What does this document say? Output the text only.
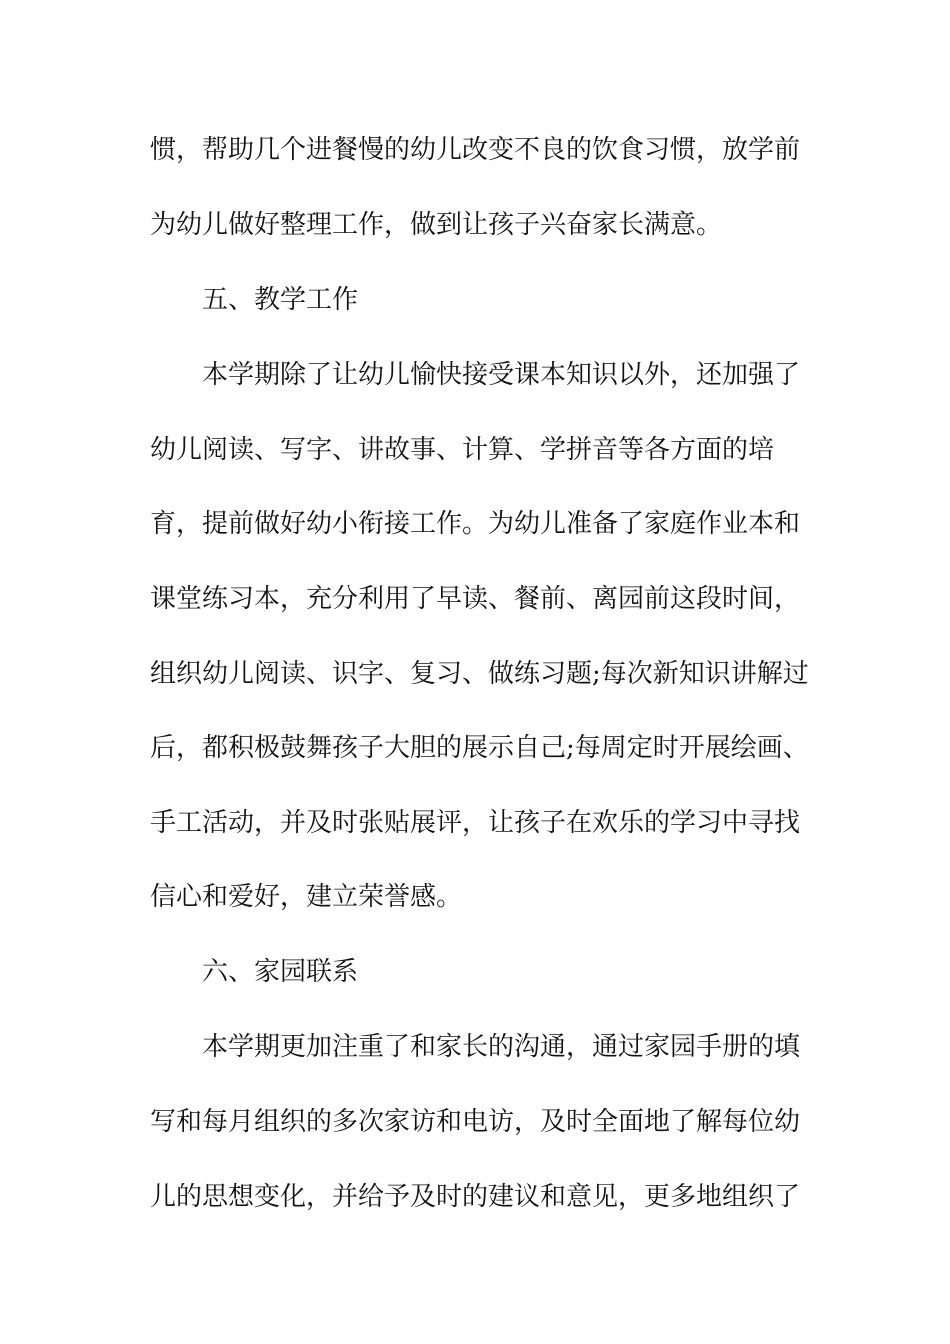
惯，帮助几个进餐慢的幼儿改变不良的饮食习惯，放学前

为幼儿做好整理工作，做到让孩子兴奋家长满意。

五、教学工作

本学期除了让幼儿愉快接受课本知识以外，还加强了

幼儿阅读、写字、讲故事、计算、学拼音等各方面的培

育，提前做好幼小衔接工作。为幼儿准备了家庭作业本和

课堂练习本，充分利用了早读、餐前、离园前这段时间，

组织幼儿阅读、识字、复习、做练习题;每次新知识讲解过

后，都积极鼓舞孩子大胆的展示自己;每周定时开展绘画、

手工活动，并及时张贴展评，让孩子在欢乐的学习中寻找

信心和爱好，建立荣誉感。

六、家园联系

本学期更加注重了和家长的沟通，通过家园手册的填

写和每月组织的多次家访和电访，及时全面地了解每位幼

儿的思想变化，并给予及时的建议和意见，更多地组织了
